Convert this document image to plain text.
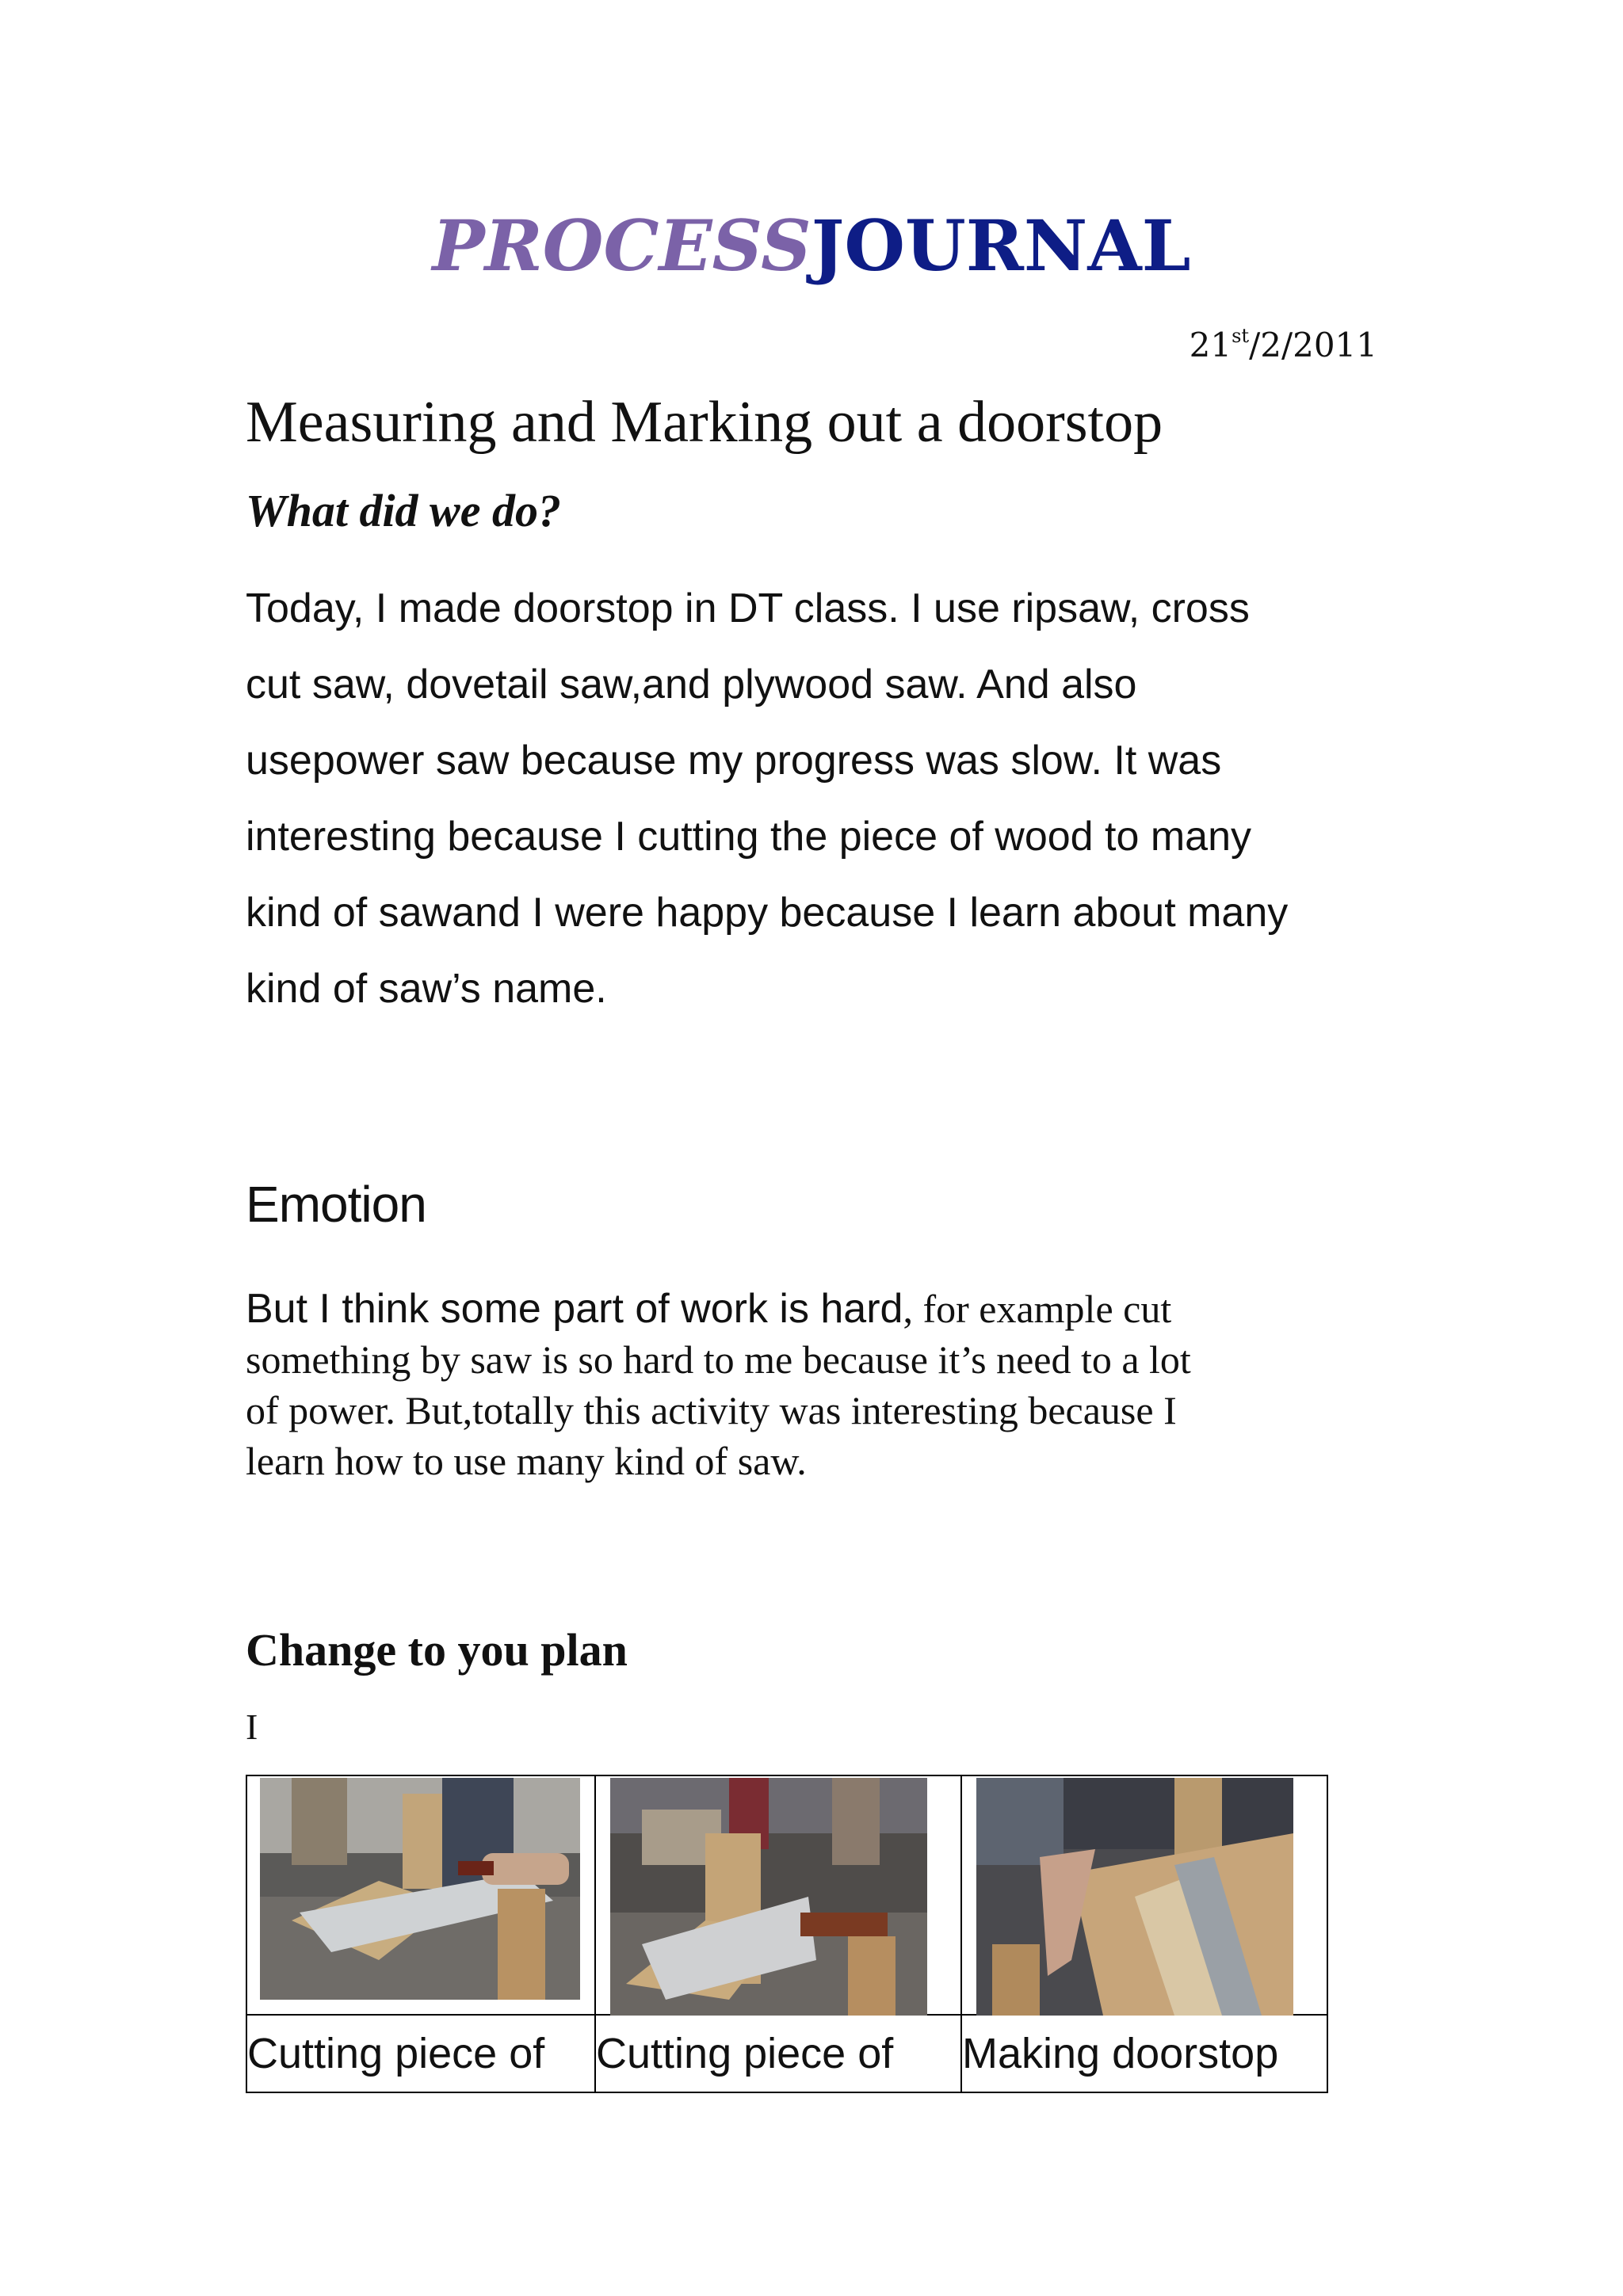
PROCESSJOURNAL
21st/2/2011
Measuring and Marking out a doorstop
What did we do?
Today, I made doorstop in DT class. I use ripsaw, cross
cut saw, dovetail saw,and plywood saw. And also
usepower saw because my progress was slow. It was
interesting because I cutting the piece of wood to many
kind of sawand I were happy because I learn about many
kind of saw’s name.
Emotion
But I think some part of work is hard, for example cut
something by saw is so hard to me because it’s need to a lot
of power. But,totally this activity was interesting because I
learn how to use many kind of saw.
Change to you plan
I

Cutting piece of	Cutting piece of	Making doorstop
